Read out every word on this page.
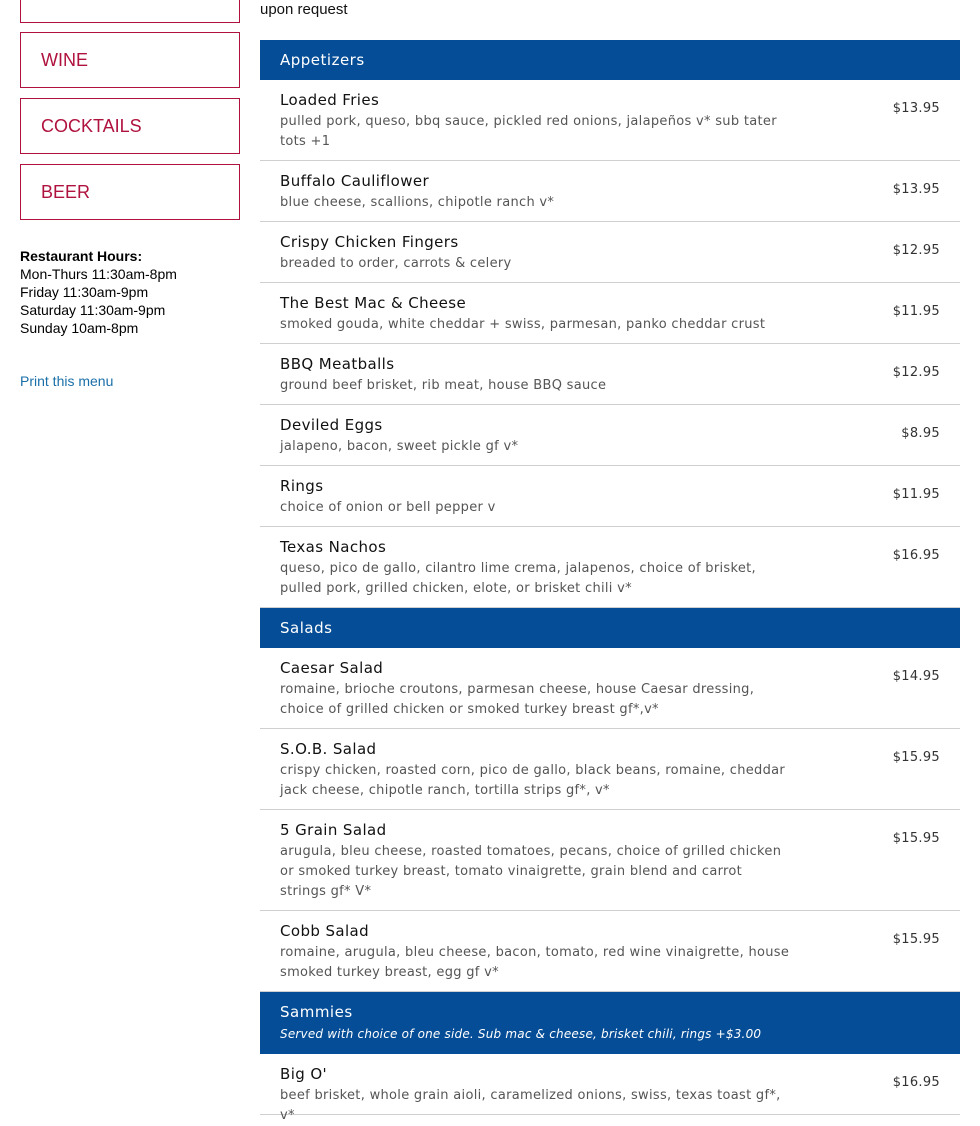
WINE
COCKTAILS
BEER
Restaurant Hours:
Mon-Thurs 11:30am-8pm
Friday 11:30am-9pm
Saturday 11:30am-9pm
Sunday 10am-8pm
Print this menu
upon request
Appetizers
Loaded Fries
pulled pork, queso, bbq sauce, pickled red onions, jalapeños v* sub tater tots +1
$13.95
Buffalo Cauliflower
blue cheese, scallions, chipotle ranch v*
$13.95
Crispy Chicken Fingers
breaded to order, carrots & celery
$12.95
The Best Mac & Cheese
smoked gouda, white cheddar + swiss, parmesan, panko cheddar crust
$11.95
BBQ Meatballs
ground beef brisket, rib meat, house BBQ sauce
$12.95
Deviled Eggs
jalapeno, bacon, sweet pickle gf v*
$8.95
Rings
choice of onion or bell pepper v
$11.95
Texas Nachos
queso, pico de gallo, cilantro lime crema, jalapenos, choice of brisket, pulled pork, grilled chicken, elote, or brisket chili v*
$16.95
Salads
Caesar Salad
romaine, brioche croutons, parmesan cheese, house Caesar dressing, choice of grilled chicken or smoked turkey breast gf*,v*
$14.95
S.O.B. Salad
crispy chicken, roasted corn, pico de gallo, black beans, romaine, cheddar jack cheese, chipotle ranch, tortilla strips gf*, v*
$15.95
5 Grain Salad
arugula, bleu cheese, roasted tomatoes, pecans, choice of grilled chicken or smoked turkey breast, tomato vinaigrette, grain blend and carrot strings gf* V*
$15.95
Cobb Salad
romaine, arugula, bleu cheese, bacon, tomato, red wine vinaigrette, house smoked turkey breast, egg gf v*
$15.95
Sammies
Served with choice of one side. Sub mac & cheese, brisket chili, rings +$3.00
Big O'
beef brisket, whole grain aioli, caramelized onions, swiss, texas toast gf*, v*
$16.95
